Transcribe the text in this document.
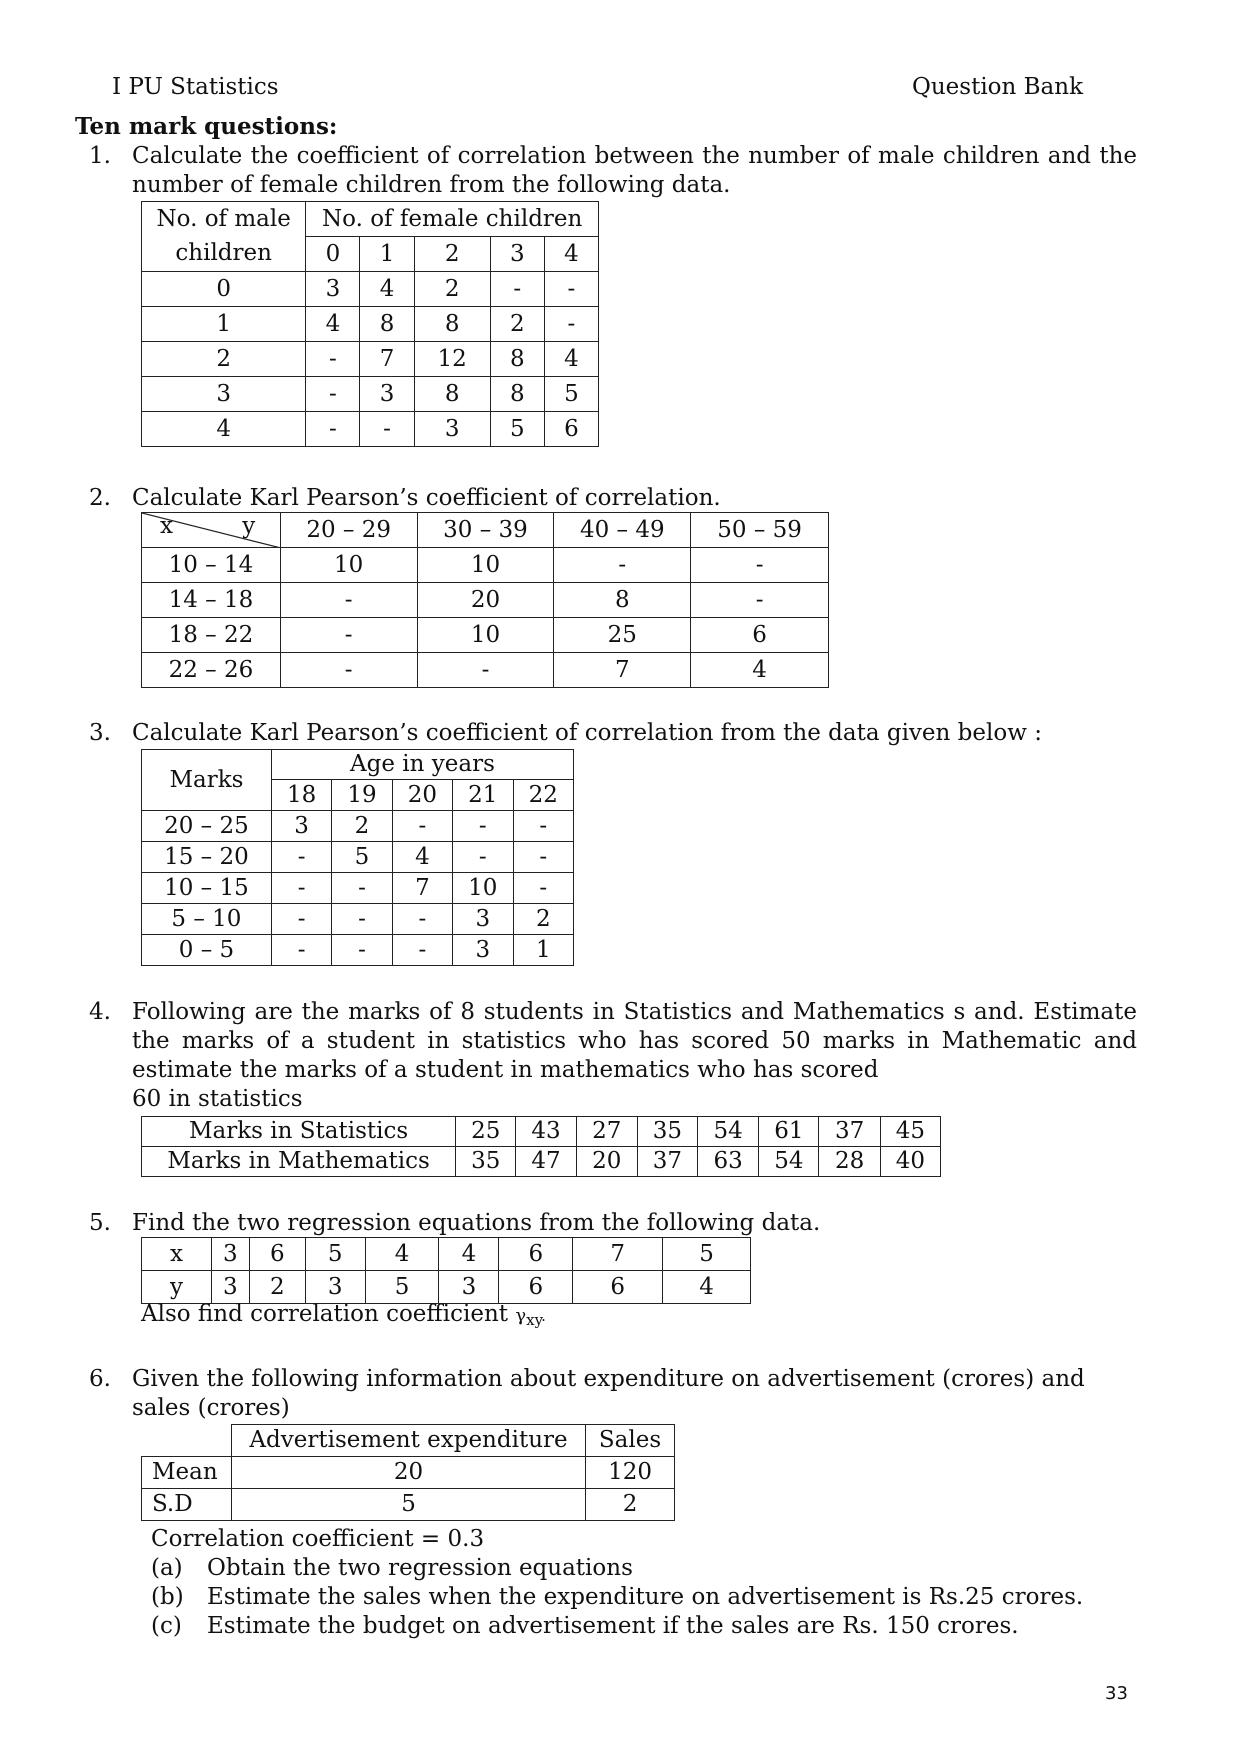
I PU Statistics	Question Bank
Ten mark questions:
1. Calculate the coefficient of correlation between the number of male children and the number of female children from the following data.
No. of male	No. of female children				
children	0	1	2	3	4
0	3	4	2	-	-
1	4	8	8	2	-
2	-	7	12	8	4
3	-	3	8	8	5
4	-	-	3	5	6
2. Calculate Karl Pearson’s coefficient of correlation.
x y	20 – 29	30 – 39	40 – 49	50 – 59
10 – 14	10	10	-	-
14 – 18	-	20	8	-
18 – 22	-	10	25	6
22 – 26	-	-	7	4
3. Calculate Karl Pearson’s coefficient of correlation from the data given below :
Marks	Age in years				
	18	19	20	21	22
20 – 25	3	2	-	-	-
15 – 20	-	5	4	-	-
10 – 15	-	-	7	10	-
5 – 10	-	-	-	3	2
0 – 5	-	-	-	3	1
4. Following are the marks of 8 students in Statistics and Mathematics s and. Estimate the marks of a student in statistics who has scored 50 marks in Mathematic and estimate the marks of a student in mathematics who has scored
60 in statistics
Marks in Statistics	25	43	27	35	54	61	37	45
Marks in Mathematics	35	47	20	37	63	54	28	40
5. Find the two regression equations from the following data.
x	3	6	5	4	4	6	7	5
y	3	2	3	5	3	6	6	4
Also find correlation coefficient γxy.
6. Given the following information about expenditure on advertisement (crores) and
sales (crores)
	Advertisement expenditure	Sales
Mean	20	120
S.D	5	2
Correlation coefficient = 0.3
(a) Obtain the two regression equations
(b) Estimate the sales when the expenditure on advertisement is Rs.25 crores.
(c) Estimate the budget on advertisement if the sales are Rs. 150 crores.
33
